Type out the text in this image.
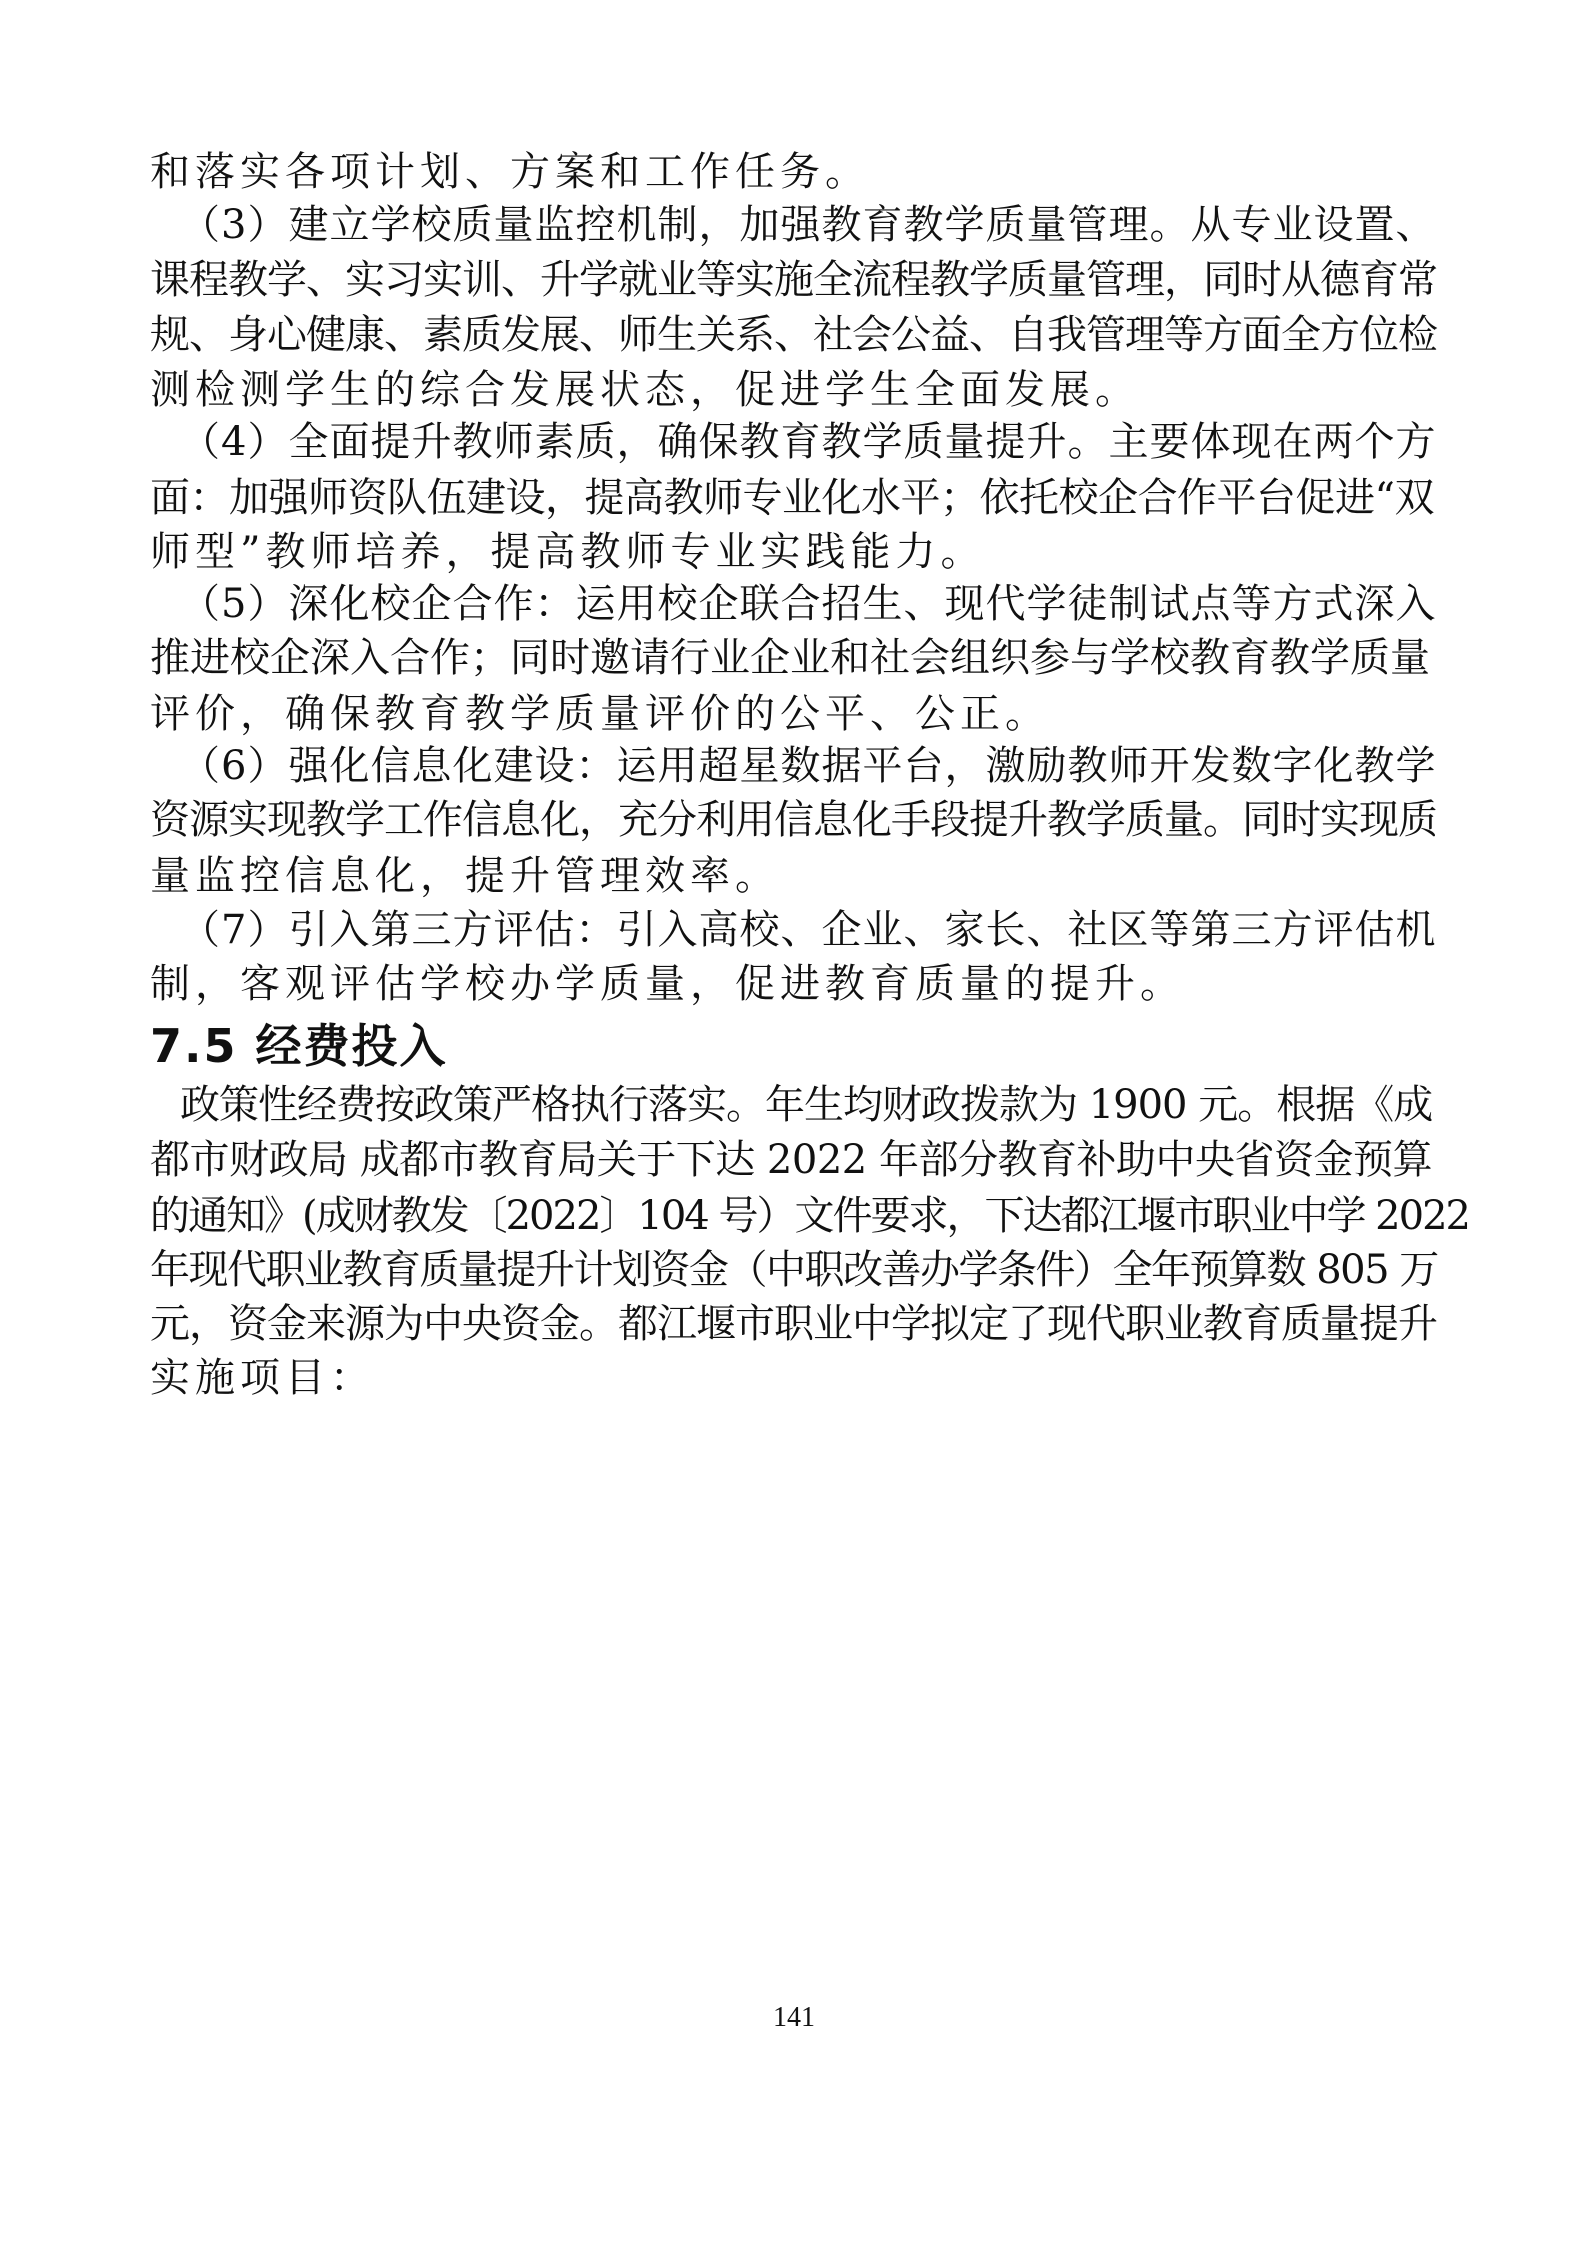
和落实各项计划、方案和工作任务。
（3）建立学校质量监控机制，加强教育教学质量管理。从专业设置、
课程教学、实习实训、升学就业等实施全流程教学质量管理，同时从德育常
规、身心健康、素质发展、师生关系、社会公益、自我管理等方面全方位检
测检测学生的综合发展状态，促进学生全面发展。
（4）全面提升教师素质，确保教育教学质量提升。主要体现在两个方
面：加强师资队伍建设，提高教师专业化水平；依托校企合作平台促进“双
师型”教师培养，提高教师专业实践能力。
（5）深化校企合作：运用校企联合招生、现代学徒制试点等方式深入
推进校企深入合作；同时邀请行业企业和社会组织参与学校教育教学质量
评价，确保教育教学质量评价的公平、公正。
（6）强化信息化建设：运用超星数据平台，激励教师开发数字化教学
资源实现教学工作信息化，充分利用信息化手段提升教学质量。同时实现质
量监控信息化，提升管理效率。
（7）引入第三方评估：引入高校、企业、家长、社区等第三方评估机
制，客观评估学校办学质量，促进教育质量的提升。
7.5 经费投入
政策性经费按政策严格执行落实。年生均财政拨款为 1900 元。根据《成
都市财政局 成都市教育局关于下达 2022 年部分教育补助中央省资金预算
的通知》(成财教发〔2022〕104 号）文件要求，下达都江堰市职业中学 2022
年现代职业教育质量提升计划资金（中职改善办学条件）全年预算数 805 万
元，资金来源为中央资金。都江堰市职业中学拟定了现代职业教育质量提升
实施项目：
141
